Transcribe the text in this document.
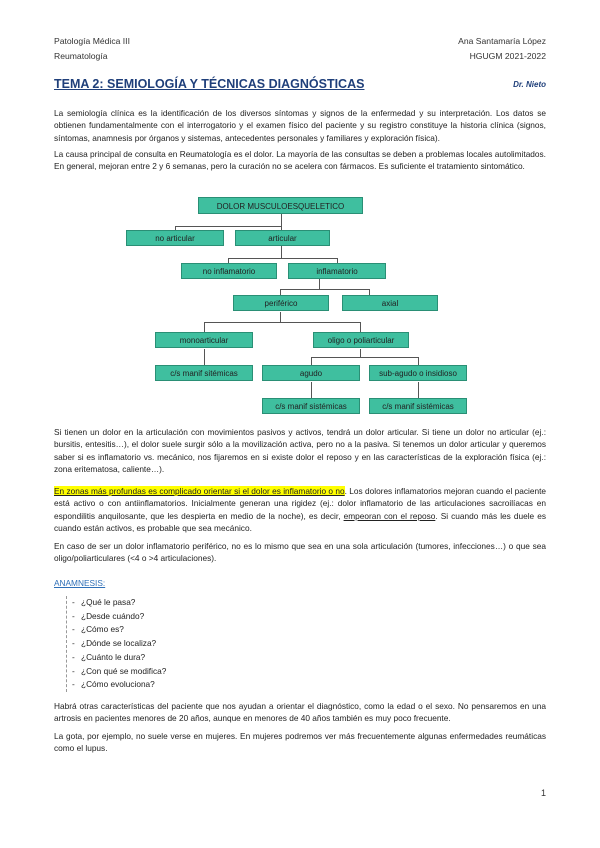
Patología Médica III
Reumatología
Ana Santamaría López
HGUGM 2021-2022
TEMA 2: SEMIOLOGÍA Y TÉCNICAS DIAGNÓSTICAS	Dr. Nieto
La semiología clínica es la identificación de los diversos síntomas y signos de la enfermedad y su interpretación. Los datos se obtienen fundamentalmente con el interrogatorio y el examen físico del paciente y su registro constituye la historia clínica (signos, síntomas, anamnesis por órganos y sistemas, antecedentes personales y familiares y exploración física).
La causa principal de consulta en Reumatología es el dolor. La mayoría de las consultas se deben a problemas locales autolimitados. En general, mejoran entre 2 y 6 semanas, pero la curación no se acelera con fármacos. Es suficiente el tratamiento sintomático.
DOLOR MUSCULOESQUELETICO
no articular	articular
no inflamatorio	inflamatorio
periférico	axial
monoarticular	oligo o poliarticular
c/s manif sitémicas	agudo	sub-agudo o insidioso
c/s manif sistémicas	c/s manif sistémicas
Si tienen un dolor en la articulación con movimientos pasivos y activos, tendrá un dolor articular. Si tiene un dolor no articular (ej.: bursitis, entesitis…), el dolor suele surgir sólo a la movilización activa, pero no a la pasiva. Si tenemos un dolor articular y queremos saber si es inflamatorio vs. mecánico, nos fijaremos en si existe dolor el reposo y en las características de la exploración física (ej.: zona eritematosa, caliente…).
En zonas más profundas es complicado orientar si el dolor es inflamatorio o no. Los dolores inflamatorios mejoran cuando el paciente está activo o con antiinflamatorios. Inicialmente generan una rigidez (ej.: dolor inflamatorio de las articulaciones sacroilíacas en espondilitis anquilosante, que les despierta en medio de la noche), es decir, empeoran con el reposo. Si cuando más les duele es cuando están activos, es probable que sea mecánico.
En caso de ser un dolor inflamatorio periférico, no es lo mismo que sea en una sola articulación (tumores, infecciones…) o que sea oligo/poliarticulares (<4 o >4 articulaciones).
ANAMNESIS:
- ¿Qué le pasa?
- ¿Desde cuándo?
- ¿Cómo es?
- ¿Dónde se localiza?
- ¿Cuánto le dura?
- ¿Con qué se modifica?
- ¿Cómo evoluciona?
Habrá otras características del paciente que nos ayudan a orientar el diagnóstico, como la edad o el sexo. No pensaremos en una artrosis en pacientes menores de 20 años, aunque en menores de 40 años también es muy poco frecuente.
La gota, por ejemplo, no suele verse en mujeres. En mujeres podremos ver más frecuentemente algunas enfermedades reumáticas como el lupus.
1
